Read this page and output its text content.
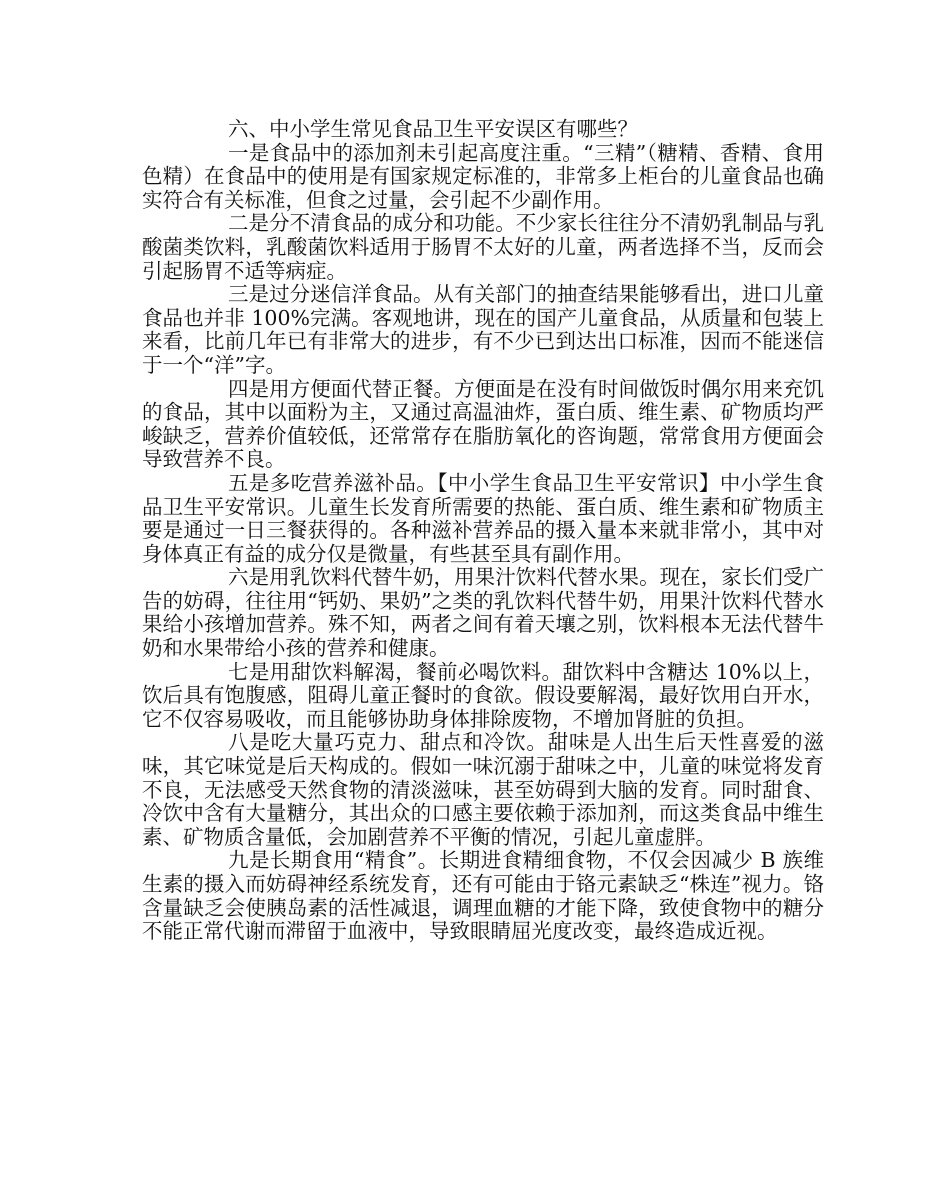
六、中小学生常见食品卫生平安误区有哪些？

一是食品中的添加剂未引起高度注重。“三精”（糖精、香精、食用色精）在食品中的使用是有国家规定标准的，非常多上柜台的儿童食品也确实符合有关标准，但食之过量，会引起不少副作用。

二是分不清食品的成分和功能。不少家长往往分不清奶乳制品与乳酸菌类饮料，乳酸菌饮料适用于肠胃不太好的儿童，两者选择不当，反而会引起肠胃不适等病症。

三是过分迷信洋食品。从有关部门的抽查结果能够看出，进口儿童食品也并非 100%完满。客观地讲，现在的国产儿童食品，从质量和包装上来看，比前几年已有非常大的进步，有不少已到达出口标准，因而不能迷信于一个“洋”字。

四是用方便面代替正餐。方便面是在没有时间做饭时偶尔用来充饥的食品，其中以面粉为主，又通过高温油炸，蛋白质、维生素、矿物质均严峻缺乏，营养价值较低，还常常存在脂肪氧化的咨询题，常常食用方便面会导致营养不良。

五是多吃营养滋补品。【中小学生食品卫生平安常识】中小学生食品卫生平安常识。儿童生长发育所需要的热能、蛋白质、维生素和矿物质主要是通过一日三餐获得的。各种滋补营养品的摄入量本来就非常小，其中对身体真正有益的成分仅是微量，有些甚至具有副作用。

六是用乳饮料代替牛奶，用果汁饮料代替水果。现在，家长们受广告的妨碍，往往用“钙奶、果奶”之类的乳饮料代替牛奶，用果汁饮料代替水果给小孩增加营养。殊不知，两者之间有着天壤之别，饮料根本无法代替牛奶和水果带给小孩的营养和健康。

七是用甜饮料解渴，餐前必喝饮料。甜饮料中含糖达 10%以上，饮后具有饱腹感，阻碍儿童正餐时的食欲。假设要解渴，最好饮用白开水，它不仅容易吸收，而且能够协助身体排除废物，不增加肾脏的负担。

八是吃大量巧克力、甜点和冷饮。甜味是人出生后天性喜爱的滋味，其它味觉是后天构成的。假如一味沉溺于甜味之中，儿童的味觉将发育不良，无法感受天然食物的清淡滋味，甚至妨碍到大脑的发育。同时甜食、冷饮中含有大量糖分，其出众的口感主要依赖于添加剂，而这类食品中维生素、矿物质含量低，会加剧营养不平衡的情况，引起儿童虚胖。

九是长期食用“精食”。长期进食精细食物，不仅会因减少 B 族维生素的摄入而妨碍神经系统发育，还有可能由于铬元素缺乏“株连”视力。铬含量缺乏会使胰岛素的活性减退，调理血糖的才能下降，致使食物中的糖分不能正常代谢而滞留于血液中，导致眼睛屈光度改变，最终造成近视。
